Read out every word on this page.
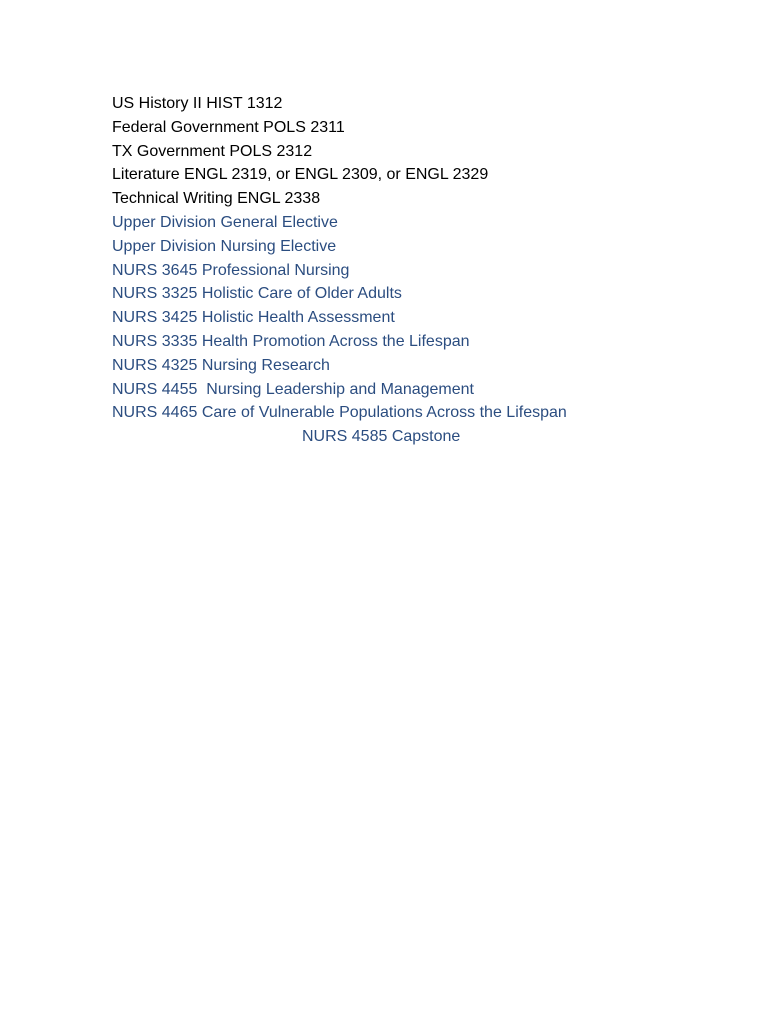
US History II HIST 1312
Federal Government POLS 2311
TX Government POLS 2312
Literature ENGL 2319, or ENGL 2309, or ENGL 2329
Technical Writing ENGL 2338
Upper Division General Elective
Upper Division Nursing Elective
NURS 3645 Professional Nursing
NURS 3325 Holistic Care of Older Adults
NURS 3425 Holistic Health Assessment
NURS 3335 Health Promotion Across the Lifespan
NURS 4325 Nursing Research
NURS 4455  Nursing Leadership and Management
NURS 4465 Care of Vulnerable Populations Across the Lifespan
NURS 4585 Capstone
